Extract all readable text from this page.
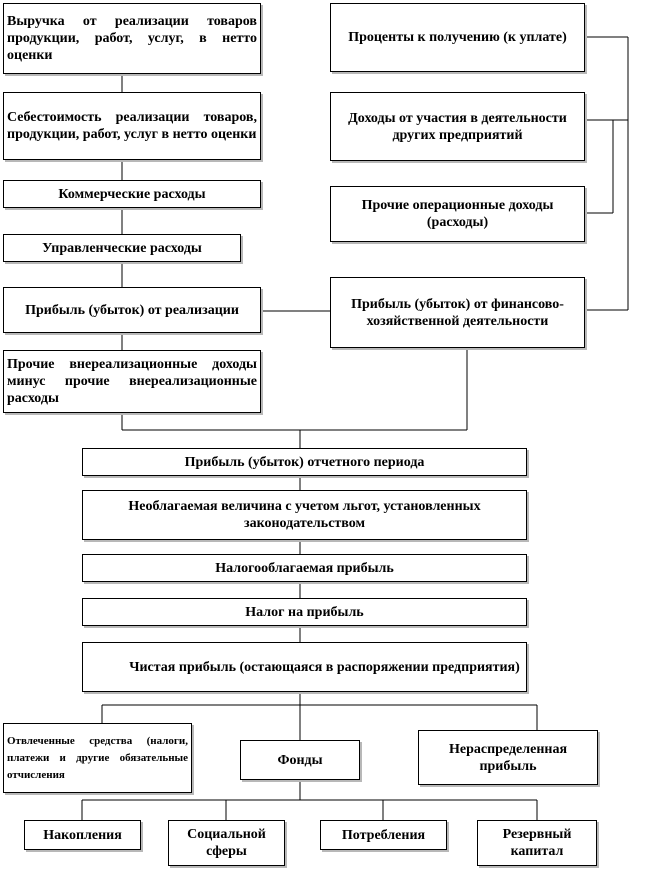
Выручка от реализации товаров продукции, работ, услуг, в нетто оценки
Себестоимость реализации товаров, продукции, работ, услуг в нетто оценки
Коммерческие расходы
Управленческие расходы
Прибыль (убыток) от реализации
Прочие внереализационные доходы минус прочие внереализационные расходы
Проценты к получению (к уплате)
Доходы от участия в деятельности других предприятий
Прочие операционные доходы (расходы)
Прибыль (убыток) от финансово-хозяйственной деятельности
Прибыль (убыток) отчетного периода
Необлагаемая величина с учетом льгот, установленных законодательством
Налогооблагаемая прибыль
Налог на прибыль
Чистая прибыль (остающаяся в распоряжении предприятия)
Отвлеченные средства (налоги, платежи и другие обязательные отчисления
Фонды
Нераспределенная прибыль
Накопления	Социальной сферы
Потребления	Резервный капитал
